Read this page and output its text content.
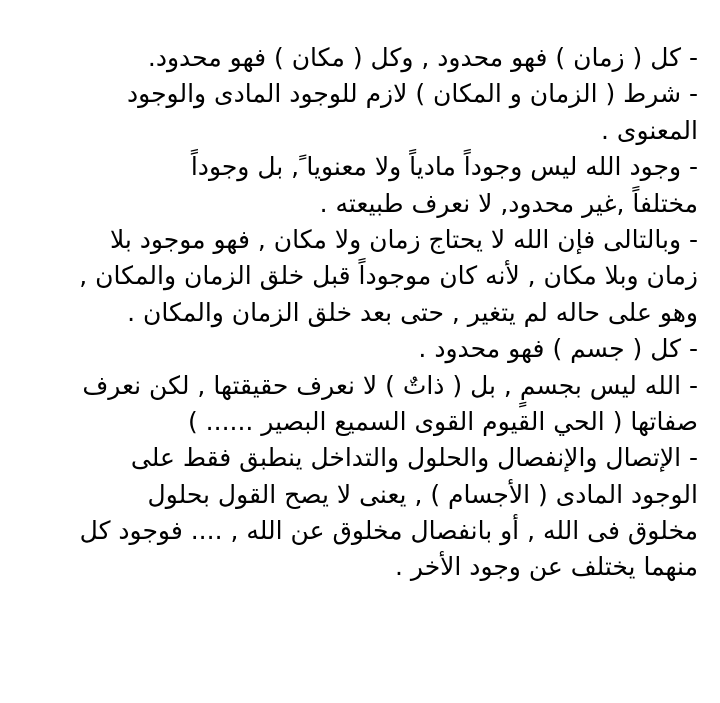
- كل ( زمان ) فهو محدود , وكل ( مكان ) فهو محدود.
- شرط ( الزمان و المكان ) لازم للوجود المادى والوجود
المعنوى .
- وجود الله ليس وجوداً مادياً ولا معنويا ً, بل وجوداً
مختلفاً ,غير محدود, لا نعرف طبيعته .
- وبالتالى فإن الله لا يحتاج زمان ولا مكان , فهو موجود بلا
زمان وبلا مكان , لأنه كان موجوداً قبل خلق الزمان والمكان ,
وهو على حاله لم يتغير , حتى بعد خلق الزمان والمكان .
- كل ( جسم ) فهو محدود .
- الله ليس بجسمٍ , بل ( ذاتٌ ) لا نعرف حقيقتها , لكن نعرف
صفاتها ( الحي القيوم القوى السميع البصير ...... )
- الإتصال والإنفصال والحلول والتداخل ينطبق فقط على
الوجود المادى ( الأجسام ) , يعنى لا يصح القول بحلول
مخلوق فى الله , أو بانفصال مخلوق عن الله , .... فوجود كل
منهما يختلف عن وجود الأخر .
